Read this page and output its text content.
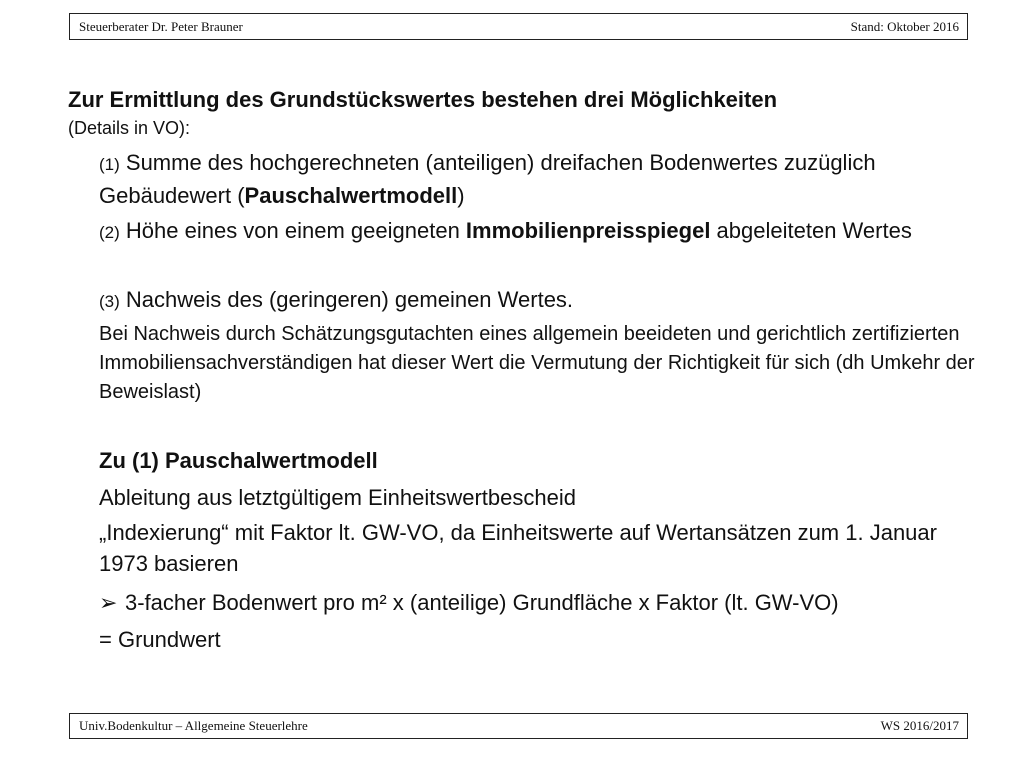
Steuerberater Dr. Peter Brauner	Stand: Oktober 2016
Zur Ermittlung des Grundstückswertes bestehen drei Möglichkeiten
(Details in VO):
(1) Summe des hochgerechneten (anteiligen) dreifachen Bodenwertes zuzüglich Gebäudewert (Pauschalwertmodell)
(2) Höhe eines von einem geeigneten Immobilienpreisspiegel abgeleiteten Wertes
(3) Nachweis des (geringeren) gemeinen Wertes.
Bei Nachweis durch Schätzungsgutachten eines allgemein beeideten und gerichtlich zertifizierten Immobiliensachverständigen hat dieser Wert die Vermutung der Richtigkeit für sich (dh Umkehr der Beweislast)
Zu (1) Pauschalwertmodell
Ableitung aus letztgültigem Einheitswertbescheid
„Indexierung“ mit Faktor lt. GW-VO, da Einheitswerte auf Wertansätzen zum 1. Januar 1973 basieren
➢ 3-facher Bodenwert pro m² x (anteilige) Grundfläche x Faktor (lt. GW-VO)
= Grundwert
Univ.Bodenkultur – Allgemeine Steuerlehre	WS 2016/2017
